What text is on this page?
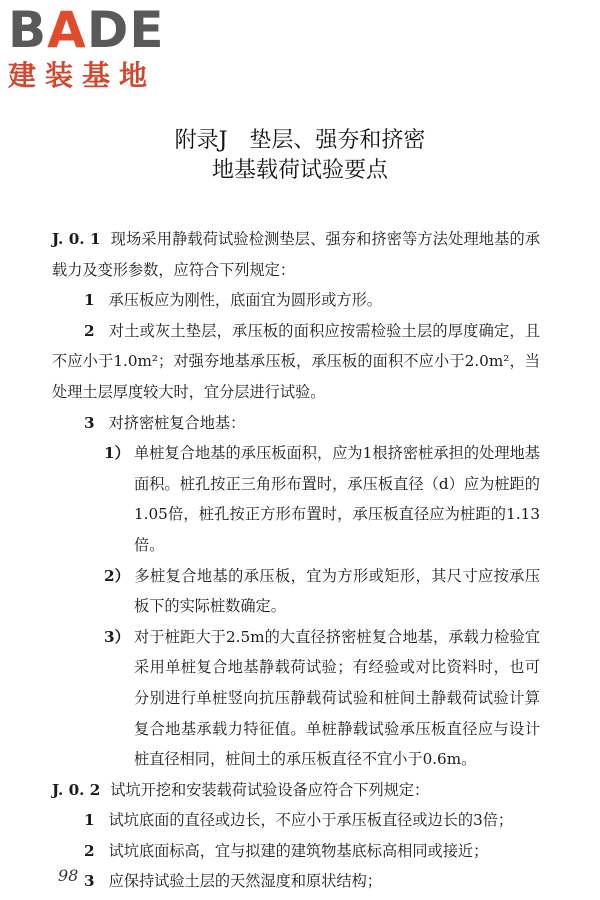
BADE
建装基地
附录J　垫层、强夯和挤密
地基载荷试验要点

J. 0. 1 现场采用静载荷试验检测垫层、强夯和挤密等方法处理地基的承载力及变形参数，应符合下列规定：

1 承压板应为刚性，底面宜为圆形或方形。

2 对土或灰土垫层，承压板的面积应按需检验土层的厚度确定，且不应小于1.0m²；对强夯地基承压板，承压板的面积不应小于2.0m²，当处理土层厚度较大时，宜分层进行试验。

3 对挤密桩复合地基：

1） 单桩复合地基的承压板面积，应为1根挤密桩承担的处理地基面积。桩孔按正三角形布置时，承压板直径（d）应为桩距的1.05倍，桩孔按正方形布置时，承压板直径应为桩距的1.13倍。

2） 多桩复合地基的承压板，宜为方形或矩形，其尺寸应按承压板下的实际桩数确定。

3） 对于桩距大于2.5m的大直径挤密桩复合地基，承载力检验宜采用单桩复合地基静载荷试验；有经验或对比资料时，也可分别进行单桩竖向抗压静载荷试验和桩间土静载荷试验计算复合地基承载力特征值。单桩静载试验承压板直径应与设计桩直径相同，桩间土的承压板直径不宜小于0.6m。

J. 0. 2 试坑开挖和安装载荷试验设备应符合下列规定：

1 试坑底面的直径或边长，不应小于承压板直径或边长的3倍；

2 试坑底面标高，宜与拟建的建筑物基底标高相同或接近；

3 应保持试验土层的天然湿度和原状结构；

98
